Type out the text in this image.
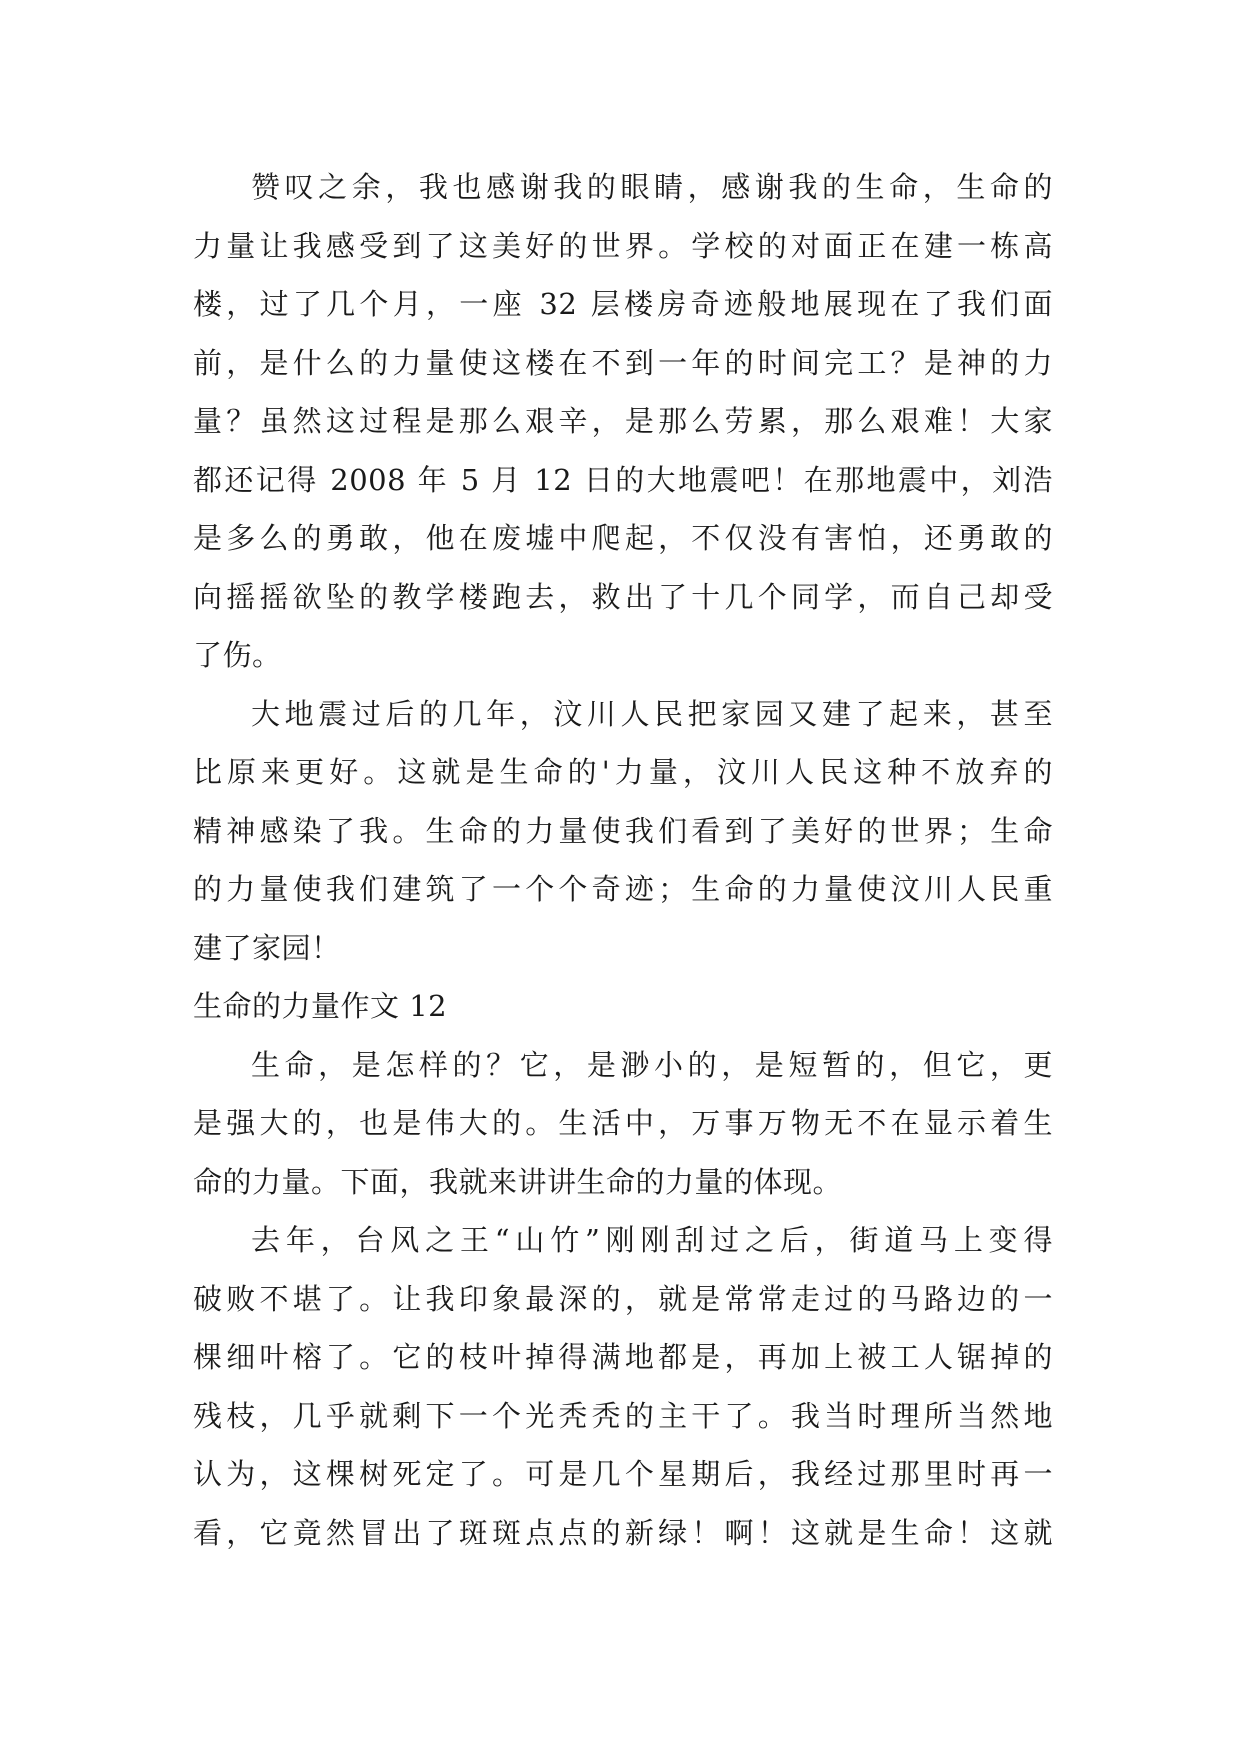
赞叹之余，我也感谢我的眼睛，感谢我的生命，生命的
力量让我感受到了这美好的世界。学校的对面正在建一栋高
楼，过了几个月，一座 32 层楼房奇迹般地展现在了我们面
前，是什么的力量使这楼在不到一年的时间完工？是神的力
量？虽然这过程是那么艰辛，是那么劳累，那么艰难！大家
都还记得 2008 年 5 月 12 日的大地震吧！在那地震中，刘浩
是多么的勇敢，他在废墟中爬起，不仅没有害怕，还勇敢的
向摇摇欲坠的教学楼跑去，救出了十几个同学，而自己却受
了伤。
大地震过后的几年，汶川人民把家园又建了起来，甚至
比原来更好。这就是生命的'力量，汶川人民这种不放弃的
精神感染了我。生命的力量使我们看到了美好的世界；生命
的力量使我们建筑了一个个奇迹；生命的力量使汶川人民重
建了家园！
生命的力量作文 12
生命，是怎样的？它，是渺小的，是短暂的，但它，更
是强大的，也是伟大的。生活中，万事万物无不在显示着生
命的力量。下面，我就来讲讲生命的力量的体现。
去年，台风之王“山竹”刚刚刮过之后，街道马上变得
破败不堪了。让我印象最深的，就是常常走过的马路边的一
棵细叶榕了。它的枝叶掉得满地都是，再加上被工人锯掉的
残枝，几乎就剩下一个光秃秃的主干了。我当时理所当然地
认为，这棵树死定了。可是几个星期后，我经过那里时再一
看，它竟然冒出了斑斑点点的新绿！啊！这就是生命！这就
